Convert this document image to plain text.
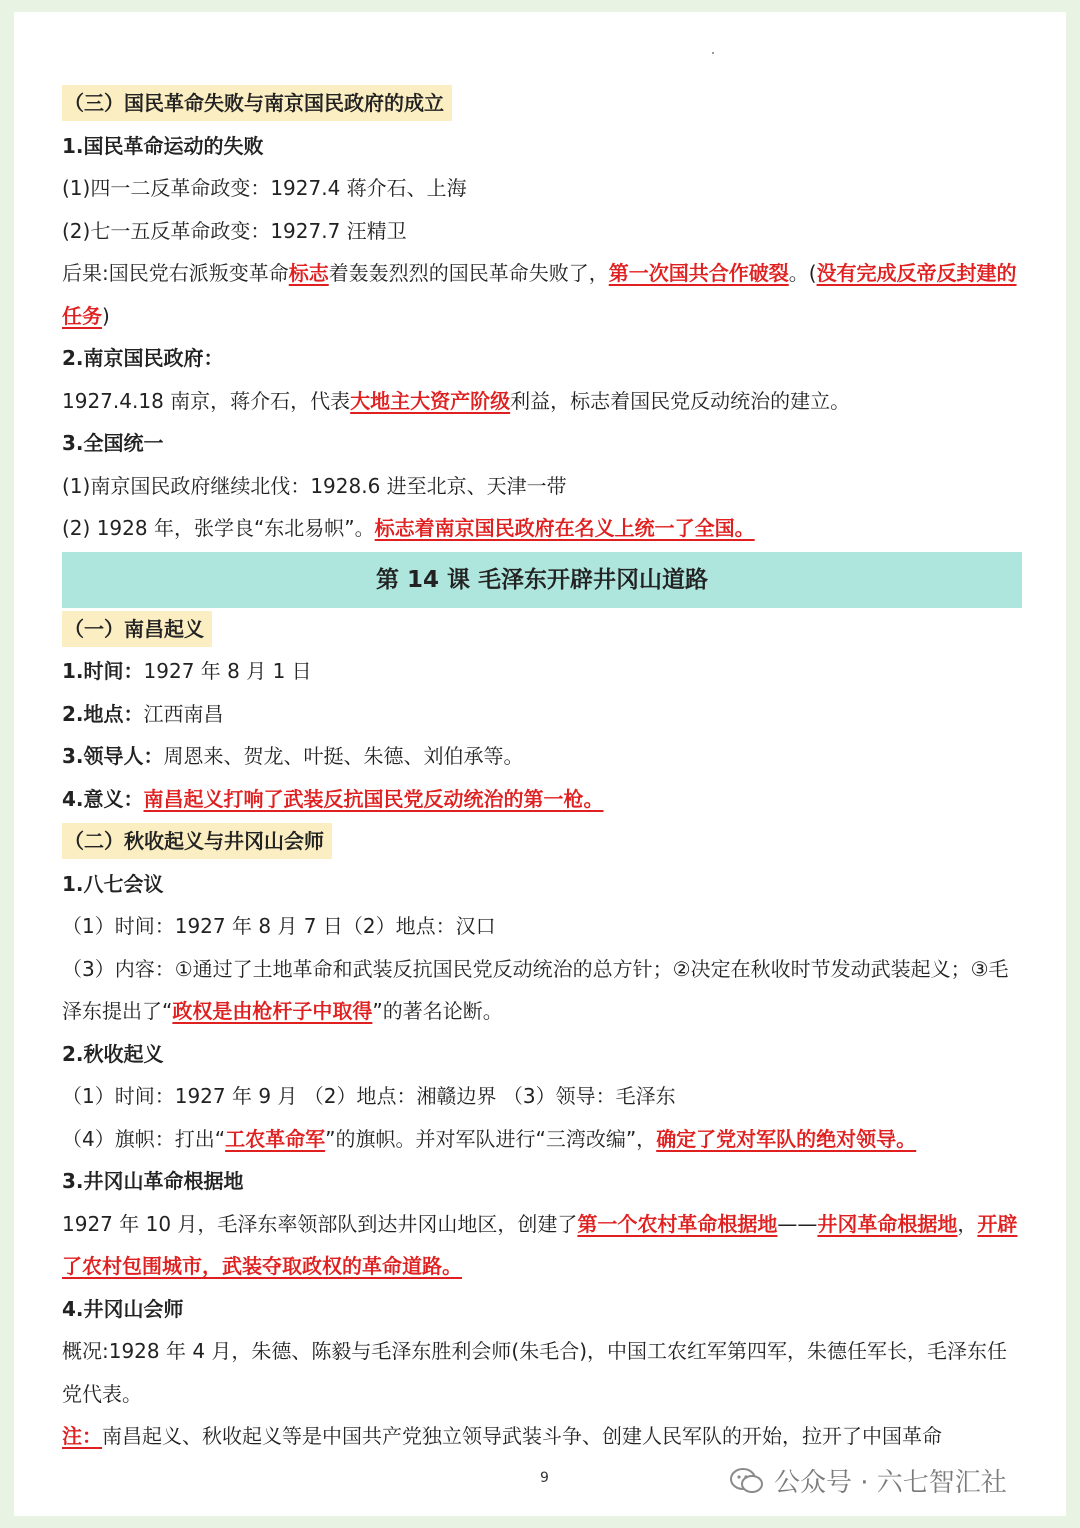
（三）国民革命失败与南京国民政府的成立
1.国民革命运动的失败
(1)四一二反革命政变：1927.4 蒋介石、上海
(2)七一五反革命政变：1927.7 汪精卫
后果:国民党右派叛变革命标志着轰轰烈烈的国民革命失败了，第一次国共合作破裂。(没有完成反帝反封建的任务)
2.南京国民政府：
1927.4.18 南京，蒋介石，代表大地主大资产阶级利益，标志着国民党反动统治的建立。
3.全国统一
(1)南京国民政府继续北伐：1928.6 进至北京、天津一带
(2) 1928 年，张学良“东北易帜”。标志着南京国民政府在名义上统一了全国。
第 14 课 毛泽东开辟井冈山道路
（一）南昌起义
1.时间：1927 年 8 月 1 日
2.地点：江西南昌
3.领导人：周恩来、贺龙、叶挺、朱德、刘伯承等。
4.意义：南昌起义打响了武装反抗国民党反动统治的第一枪。
（二）秋收起义与井冈山会师
1.八七会议
（1）时间：1927 年 8 月 7 日（2）地点：汉口
（3）内容：①通过了土地革命和武装反抗国民党反动统治的总方针；②决定在秋收时节发动武装起义；③毛泽东提出了“政权是由枪杆子中取得”的著名论断。
2.秋收起义
（1）时间：1927 年 9 月 （2）地点：湘赣边界 （3）领导：毛泽东
（4）旗帜：打出“工农革命军”的旗帜。并对军队进行“三湾改编”，确定了党对军队的绝对领导。
3.井冈山革命根据地
1927 年 10 月，毛泽东率领部队到达井冈山地区，创建了第一个农村革命根据地——井冈革命根据地，开辟了农村包围城市，武装夺取政权的革命道路。
4.井冈山会师
概况:1928 年 4 月，朱德、陈毅与毛泽东胜利会师(朱毛合)，中国工农红军第四军，朱德任军长，毛泽东任党代表。
注：南昌起义、秋收起义等是中国共产党独立领导武装斗争、创建人民军队的开始，拉开了中国革命
9	公众号 · 六七智汇社
